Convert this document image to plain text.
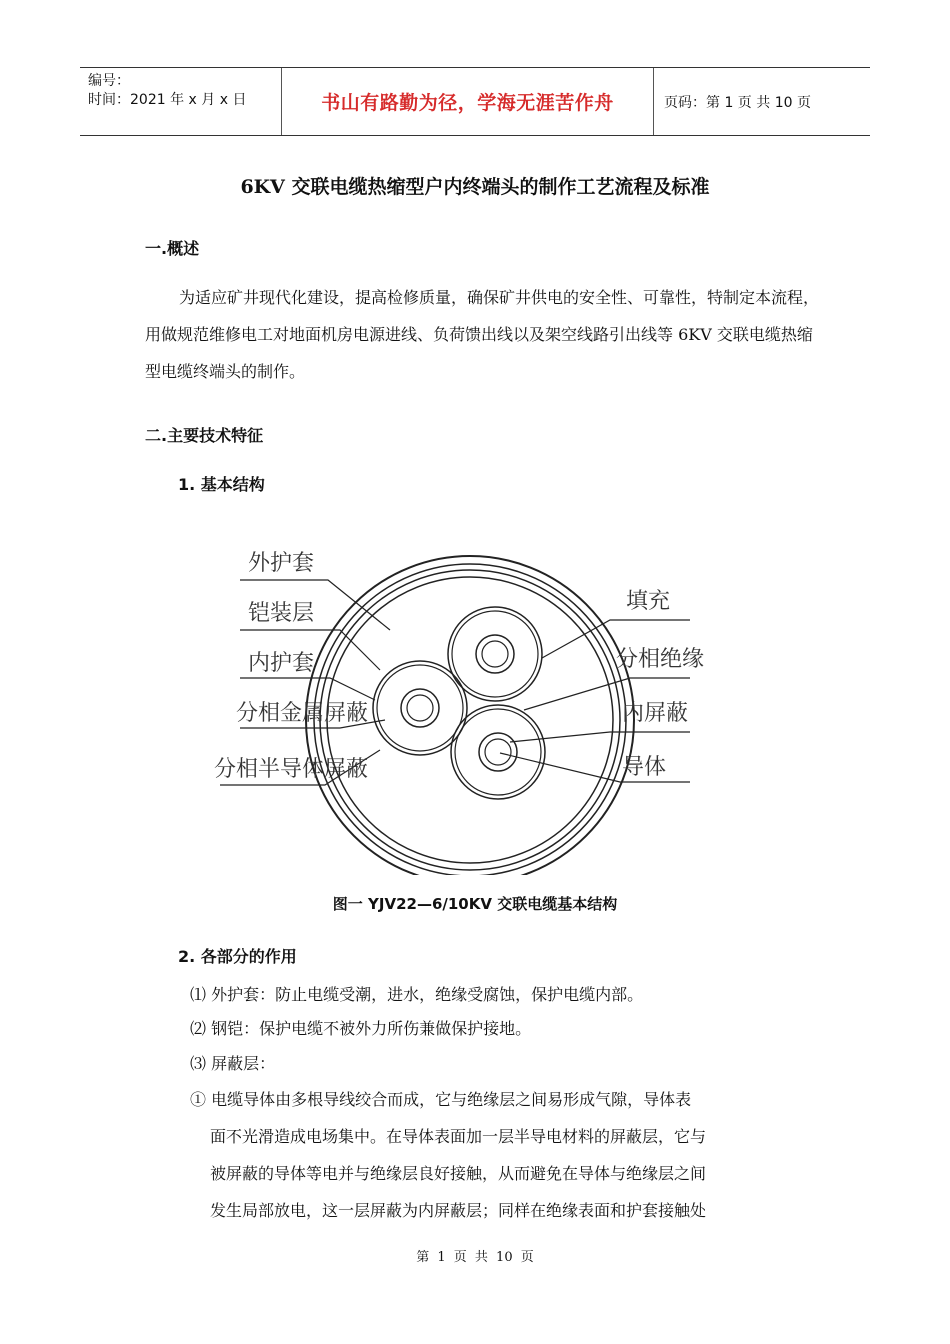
编号：
时间：2021 年 x 月 x 日	书山有路勤为径，学海无涯苦作舟	页码：第 1 页 共 10 页
6KV 交联电缆热缩型户内终端头的制作工艺流程及标准
一.概述
为适应矿井现代化建设，提高检修质量，确保矿井供电的安全性、可靠性，特制定本流程，用做规范维修电工对地面机房电源进线、负荷馈出线以及架空线路引出线等 6KV 交联电缆热缩型电缆终端头的制作。
二.主要技术特征
1. 基本结构
外护套
铠装层
内护套
分相金属屏蔽
分相半导体屏蔽
填充
分相绝缘
内屏蔽
导体
图一 YJV22—6/10KV 交联电缆基本结构
2. 各部分的作用
⑴ 外护套：防止电缆受潮，进水，绝缘受腐蚀，保护电缆内部。
⑵ 钢铠：保护电缆不被外力所伤兼做保护接地。
⑶ 屏蔽层：
① 电缆导体由多根导线绞合而成，它与绝缘层之间易形成气隙，导体表
面不光滑造成电场集中。在导体表面加一层半导电材料的屏蔽层，它与
被屏蔽的导体等电并与绝缘层良好接触，从而避免在导体与绝缘层之间
发生局部放电，这一层屏蔽为内屏蔽层；同样在绝缘表面和护套接触处
第 1 页 共 10 页
